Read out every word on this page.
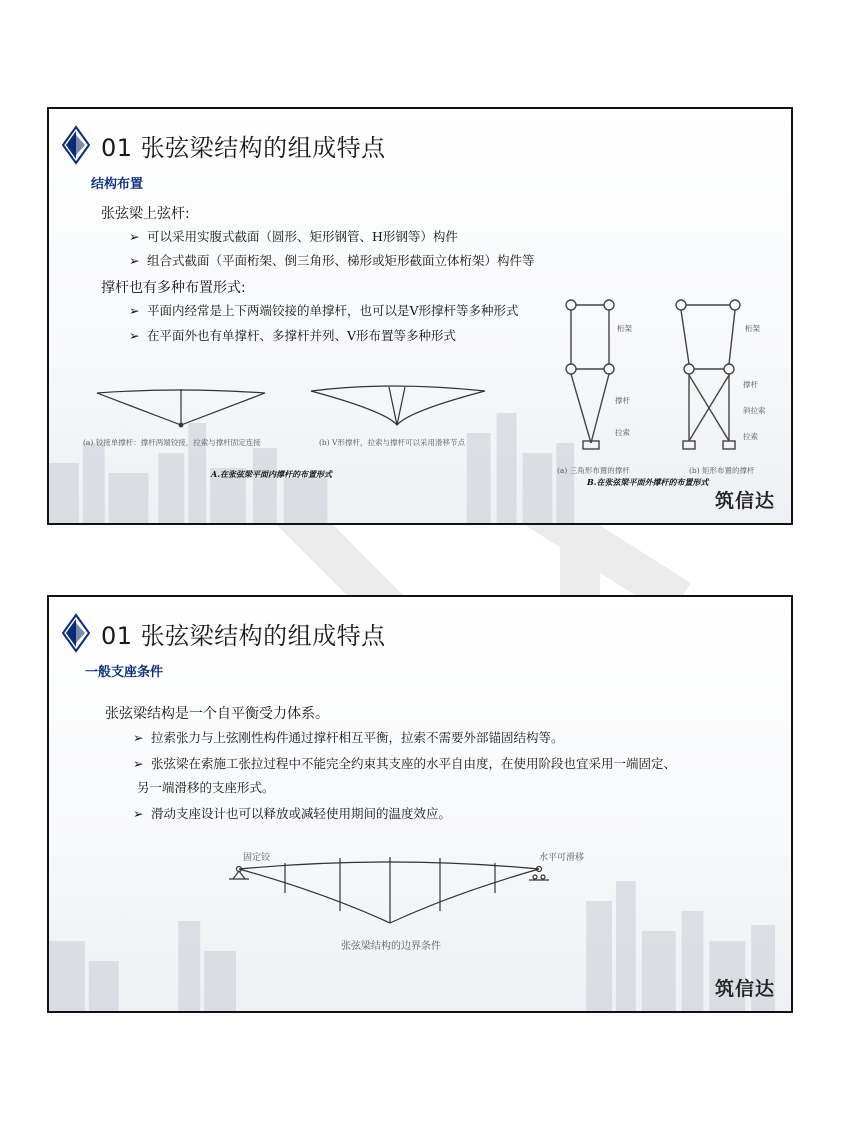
01 张弦梁结构的组成特点
结构布置
张弦梁上弦杆:
➢ 可以采用实腹式截面（圆形、矩形钢管、H形钢等）构件
➢ 组合式截面（平面桁架、倒三角形、梯形或矩形截面立体桁架）构件等
撑杆也有多种布置形式:
➢ 平面内经常是上下两端铰接的单撑杆，也可以是V形撑杆等多种形式
➢ 在平面外也有单撑杆、多撑杆并列、V形布置等多种形式
(a) 铰接单撑杆：撑杆两端铰接，拉索与撑杆固定连接	(b) V形撑杆，拉索与撑杆可以采用滑移节点
A.在张弦梁平面内撑杆的布置形式
桁架
撑杆
拉索
桁架
撑杆
斜拉索
拉索
(a) 三角形布置的撑杆	(b) 矩形布置的撑杆
B.在张弦梁平面外撑杆的布置形式
筑信达
01 张弦梁结构的组成特点
一般支座条件
张弦梁结构是一个自平衡受力体系。
➢ 拉索张力与上弦刚性构件通过撑杆相互平衡，拉索不需要外部锚固结构等。
➢ 张弦梁在索施工张拉过程中不能完全约束其支座的水平自由度，在使用阶段也宜采用一端固定、
另一端滑移的支座形式。
➢ 滑动支座设计也可以释放或减轻使用期间的温度效应。
固定铰	水平可滑移
张弦梁结构的边界条件
筑信达
